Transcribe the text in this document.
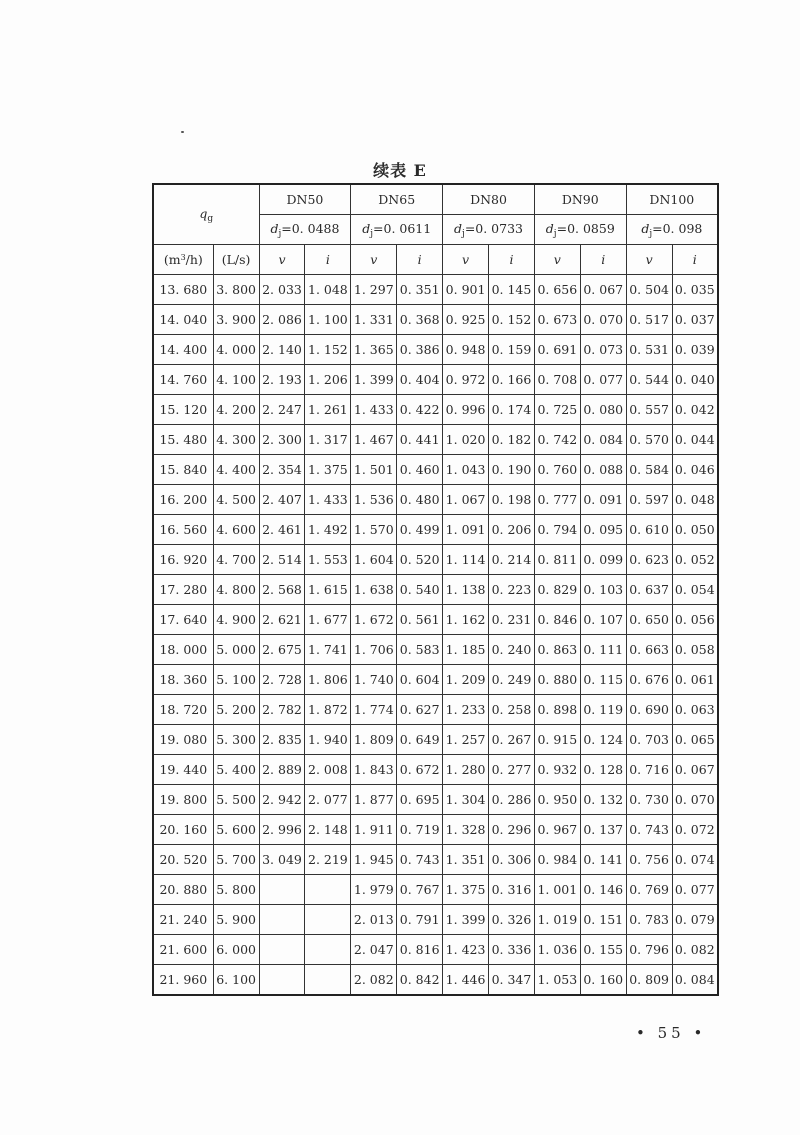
续表 E
$q_g$		DN50		DN65		DN80		DN90		DN100	
		$d_j=0$. 0488		$d_j=0$. 0611		$d_j=0$. 0733		$d_j=0$. 0859		$d_j=0$. 098	
$(m^3/h)$	(L/s)	v	i	v	i	v	i	v	i	v	i
13. 680	3. 800	2. 033	1. 048	1. 297	0. 351	0. 901	0. 145	0. 656	0. 067	0. 504	0. 035
14. 040	3. 900	2. 086	1. 100	1. 331	0. 368	0. 925	0. 152	0. 673	0. 070	0. 517	0. 037
14. 400	4. 000	2. 140	1. 152	1. 365	0. 386	0. 948	0. 159	0. 691	0. 073	0. 531	0. 039
14. 760	4. 100	2. 193	1. 206	1. 399	0. 404	0. 972	0. 166	0. 708	0. 077	0. 544	0. 040
15. 120	4. 200	2. 247	1. 261	1. 433	0. 422	0. 996	0. 174	0. 725	0. 080	0. 557	0. 042
15. 480	4. 300	2. 300	1. 317	1. 467	0. 441	1. 020	0. 182	0. 742	0. 084	0. 570	0. 044
15. 840	4. 400	2. 354	1. 375	1. 501	0. 460	1. 043	0. 190	0. 760	0. 088	0. 584	0. 046
16. 200	4. 500	2. 407	1. 433	1. 536	0. 480	1. 067	0. 198	0. 777	0. 091	0. 597	0. 048
16. 560	4. 600	2. 461	1. 492	1. 570	0. 499	1. 091	0. 206	0. 794	0. 095	0. 610	0. 050
16. 920	4. 700	2. 514	1. 553	1. 604	0. 520	1. 114	0. 214	0. 811	0. 099	0. 623	0. 052
17. 280	4. 800	2. 568	1. 615	1. 638	0. 540	1. 138	0. 223	0. 829	0. 103	0. 637	0. 054
17. 640	4. 900	2. 621	1. 677	1. 672	0. 561	1. 162	0. 231	0. 846	0. 107	0. 650	0. 056
18. 000	5. 000	2. 675	1. 741	1. 706	0. 583	1. 185	0. 240	0. 863	0. 111	0. 663	0. 058
18. 360	5. 100	2. 728	1. 806	1. 740	0. 604	1. 209	0. 249	0. 880	0. 115	0. 676	0. 061
18. 720	5. 200	2. 782	1. 872	1. 774	0. 627	1. 233	0. 258	0. 898	0. 119	0. 690	0. 063
19. 080	5. 300	2. 835	1. 940	1. 809	0. 649	1. 257	0. 267	0. 915	0. 124	0. 703	0. 065
19. 440	5. 400	2. 889	2. 008	1. 843	0. 672	1. 280	0. 277	0. 932	0. 128	0. 716	0. 067
19. 800	5. 500	2. 942	2. 077	1. 877	0. 695	1. 304	0. 286	0. 950	0. 132	0. 730	0. 070
20. 160	5. 600	2. 996	2. 148	1. 911	0. 719	1. 328	0. 296	0. 967	0. 137	0. 743	0. 072
20. 520	5. 700	3. 049	2. 219	1. 945	0. 743	1. 351	0. 306	0. 984	0. 141	0. 756	0. 074
20. 880	5. 800			1. 979	0. 767	1. 375	0. 316	1. 001	0. 146	0. 769	0. 077
21. 240	5. 900			2. 013	0. 791	1. 399	0. 326	1. 019	0. 151	0. 783	0. 079
21. 600	6. 000			2. 047	0. 816	1. 423	0. 336	1. 036	0. 155	0. 796	0. 082
21. 960	6. 100			2. 082	0. 842	1. 446	0. 347	1. 053	0. 160	0. 809	0. 084
• 55 •
